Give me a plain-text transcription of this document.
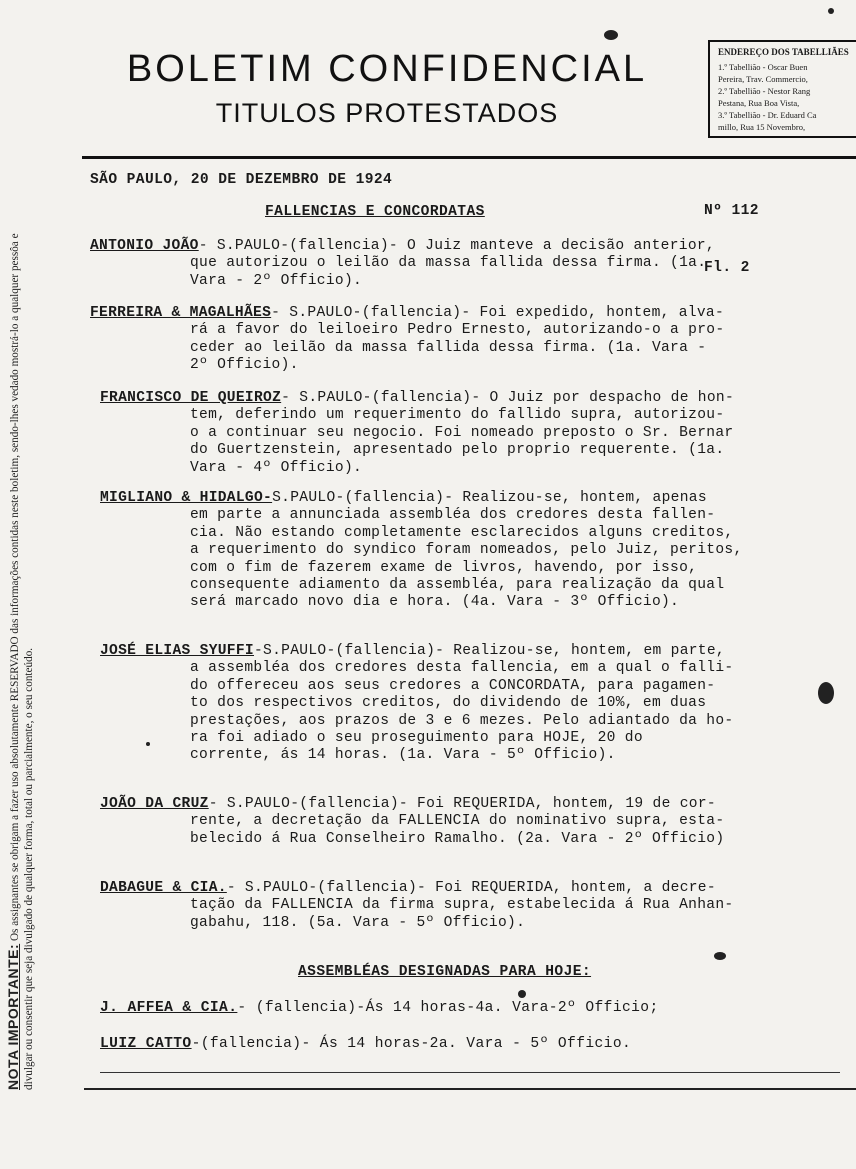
BOLETIM CONFIDENCIAL
TITULOS PROTESTADOS
ENDEREÇO DOS TABELLIÃES
1.º Tabellião - Oscar Buen
Pereira, Trav. Commercio,
2.º Tabellião - Nestor Rang
Pestana, Rua Boa Vista,
3.º Tabellião - Dr. Eduard Ca
millo, Rua 15 Novembro,
NOTA IMPORTANTE: Os assignantes se obrigam a fazer uso absolutamente RESERVADO das informações contidas neste boletim, sendo-lhes vedado mostrá-lo a qualquer pessôa e divulgar ou consentir que seja divulgado de qualquer forma, total ou parcialmente, o seu conteúdo.
SÃO PAULO, 20 DE DEZEMBRO DE 1924

Nº 112

Fl. 2

FALLENCIAS E CONCORDATAS
ANTONIO JOÃO- S.PAULO-(fallencia)- O Juiz manteve a decisão anterior,

que autorizou o leilão da massa fallida dessa firma. (1a.
Vara - 2º Officio).
FERREIRA & MAGALHÃES- S.PAULO-(fallencia)- Foi expedido, hontem, alva-

rá a favor do leiloeiro Pedro Ernesto, autorizando-o a pro-
ceder ao leilão da massa fallida dessa firma. (1a. Vara -
2º Officio).
FRANCISCO DE QUEIROZ- S.PAULO-(fallencia)- O Juiz por despacho de hon-

tem, deferindo um requerimento do fallido supra, autorizou-
o a continuar seu negocio. Foi nomeado preposto o Sr. Bernar
do Guertzenstein, apresentado pelo proprio requerente. (1a.
Vara - 4º Officio).
MIGLIANO & HIDALGO-S.PAULO-(fallencia)- Realizou-se, hontem, apenas

em parte a annunciada assembléa dos credores desta fallen-
cia. Não estando completamente esclarecidos alguns creditos,
a requerimento do syndico foram nomeados, pelo Juiz, peritos,
com o fim de fazerem exame de livros, havendo, por isso,
consequente adiamento da assembléa, para realização da qual
será marcado novo dia e hora. (4a. Vara - 3º Officio).
JOSÉ ELIAS SYUFFI-S.PAULO-(fallencia)- Realizou-se, hontem, em parte,

a assembléa dos credores desta fallencia, em a qual o falli-
do offereceu aos seus credores a CONCORDATA, para pagamen-
to dos respectivos creditos, do dividendo de 10%, em duas
prestações, aos prazos de 3 e 6 mezes. Pelo adiantado da ho-
ra foi adiado o seu proseguimento para HOJE, 20 do
corrente, ás 14 horas. (1a. Vara - 5º Officio).
JOÃO DA CRUZ- S.PAULO-(fallencia)- Foi REQUERIDA, hontem, 19 de cor-

rente, a decretação da FALLENCIA do nominativo supra, esta-
belecido á Rua Conselheiro Ramalho. (2a. Vara - 2º Officio)
DABAGUE & CIA.- S.PAULO-(fallencia)- Foi REQUERIDA, hontem, a decre-

tação da FALLENCIA da firma supra, estabelecida á Rua Anhan-
gabahu, 118. (5a. Vara - 5º Officio).
ASSEMBLÉAS DESIGNADAS PARA HOJE:
J. AFFEA & CIA.- (fallencia)-Ás 14 horas-4a. Vara-2º Officio;
LUIZ CATTO-(fallencia)- Ás 14 horas-2a. Vara - 5º Officio.
